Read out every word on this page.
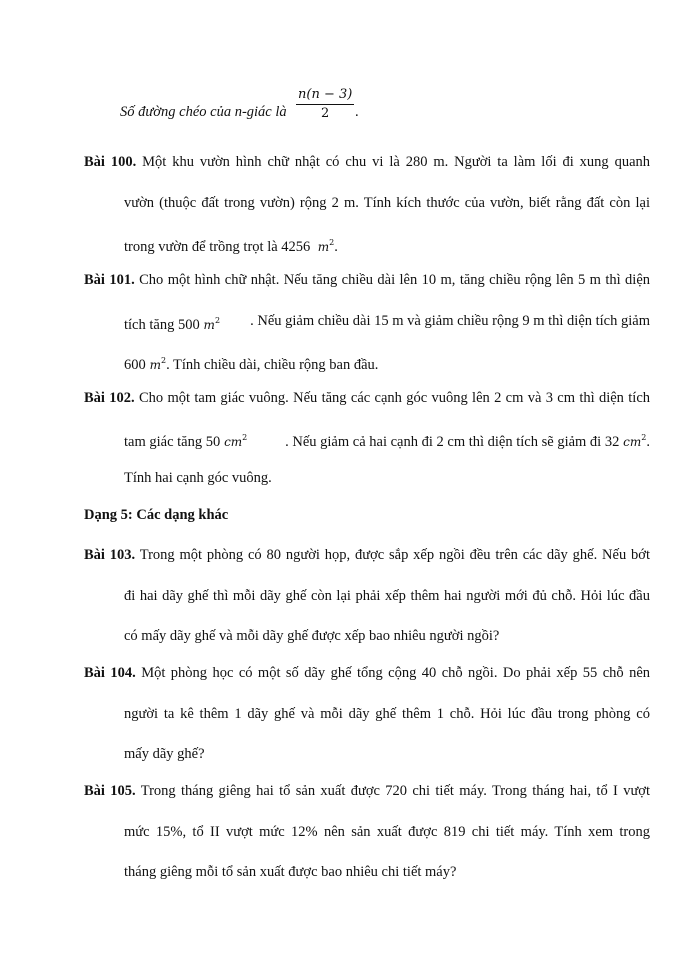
Số đường chéo của n-giác là $\frac{n(n - 3)}{2}$ .
Bài 100. Một khu vườn hình chữ nhật có chu vi là 280 m. Người ta làm lối đi xung quanh
vườn (thuộc đất trong vườn) rộng 2 m. Tính kích thước của vườn, biết rằng đất còn lại
trong vườn để trồng trọt là 4256 $m^2$.
Bài 101. Cho một hình chữ nhật. Nếu tăng chiều dài lên 10 m, tăng chiều rộng lên 5 m thì diện
tích tăng 500 $m^2$ . Nếu giảm chiều dài 15 m và giảm chiều rộng 9 m thì diện tích giảm
600 $m^2$. Tính chiều dài, chiều rộng ban đầu.
Bài 102. Cho một tam giác vuông. Nếu tăng các cạnh góc vuông lên 2 cm và 3 cm thì diện tích
tam giác tăng 50 $cm^2$	. Nếu giảm cả hai cạnh đi 2 cm thì diện tích sẽ giảm đi 32 $cm^2$.
Tính hai cạnh góc vuông.
Dạng 5: Các dạng khác
Bài 103. Trong một phòng có 80 người họp, được sắp xếp ngồi đều trên các dãy ghế. Nếu bớt
đi hai dãy ghế thì mỗi dãy ghế còn lại phải xếp thêm hai người mới đủ chỗ. Hỏi lúc đầu
có mấy dãy ghế và mỗi dãy ghế được xếp bao nhiêu người ngồi?
Bài 104. Một phòng học có một số dãy ghế tổng cộng 40 chỗ ngồi. Do phải xếp 55 chỗ nên
người ta kê thêm 1 dãy ghế và mỗi dãy ghế thêm 1 chỗ. Hỏi lúc đầu trong phòng có
mấy dãy ghế?
Bài 105. Trong tháng giêng hai tổ sản xuất được 720 chi tiết máy. Trong tháng hai, tổ I vượt
mức 15%, tổ II vượt mức 12% nên sản xuất được 819 chi tiết máy. Tính xem trong
tháng giêng mỗi tổ sản xuất được bao nhiêu chi tiết máy?
